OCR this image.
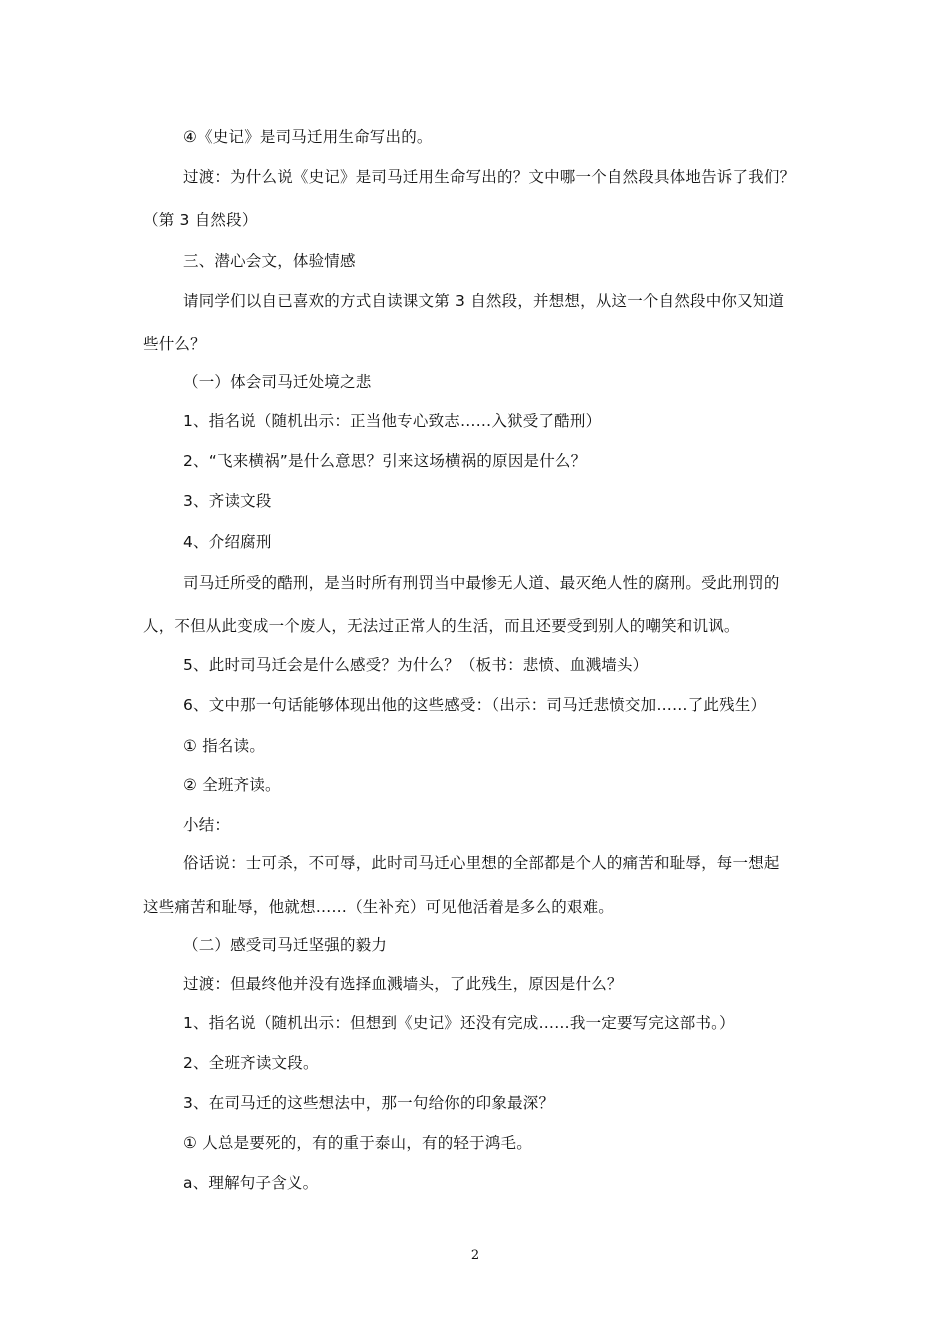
④《史记》是司马迁用生命写出的。
过渡：为什么说《史记》是司马迁用生命写出的？文中哪一个自然段具体地告诉了我们？
（第 3 自然段）
三、潜心会文，体验情感
请同学们以自已喜欢的方式自读课文第 3 自然段，并想想，从这一个自然段中你又知道
些什么？
（一）体会司马迁处境之悲
1、指名说（随机出示：正当他专心致志……入狱受了酷刑）
2、“飞来横祸”是什么意思？引来这场横祸的原因是什么？
3、齐读文段
4、介绍腐刑
司马迁所受的酷刑，是当时所有刑罚当中最惨无人道、最灭绝人性的腐刑。受此刑罚的
人，不但从此变成一个废人，无法过正常人的生活，而且还要受到别人的嘲笑和讥讽。
5、此时司马迁会是什么感受？为什么？（板书：悲愤、血溅墙头）
6、文中那一句话能够体现出他的这些感受：（出示：司马迁悲愤交加……了此残生）
① 指名读。
② 全班齐读。
小结：
俗话说：士可杀，不可辱，此时司马迁心里想的全部都是个人的痛苦和耻辱，每一想起
这些痛苦和耻辱，他就想……（生补充）可见他活着是多么的艰难。
（二）感受司马迁坚强的毅力
过渡：但最终他并没有选择血溅墙头，了此残生，原因是什么？
1、指名说（随机出示：但想到《史记》还没有完成……我一定要写完这部书。）
2、全班齐读文段。
3、在司马迁的这些想法中，那一句给你的印象最深？
① 人总是要死的，有的重于泰山，有的轻于鸿毛。
a、理解句子含义。
2
